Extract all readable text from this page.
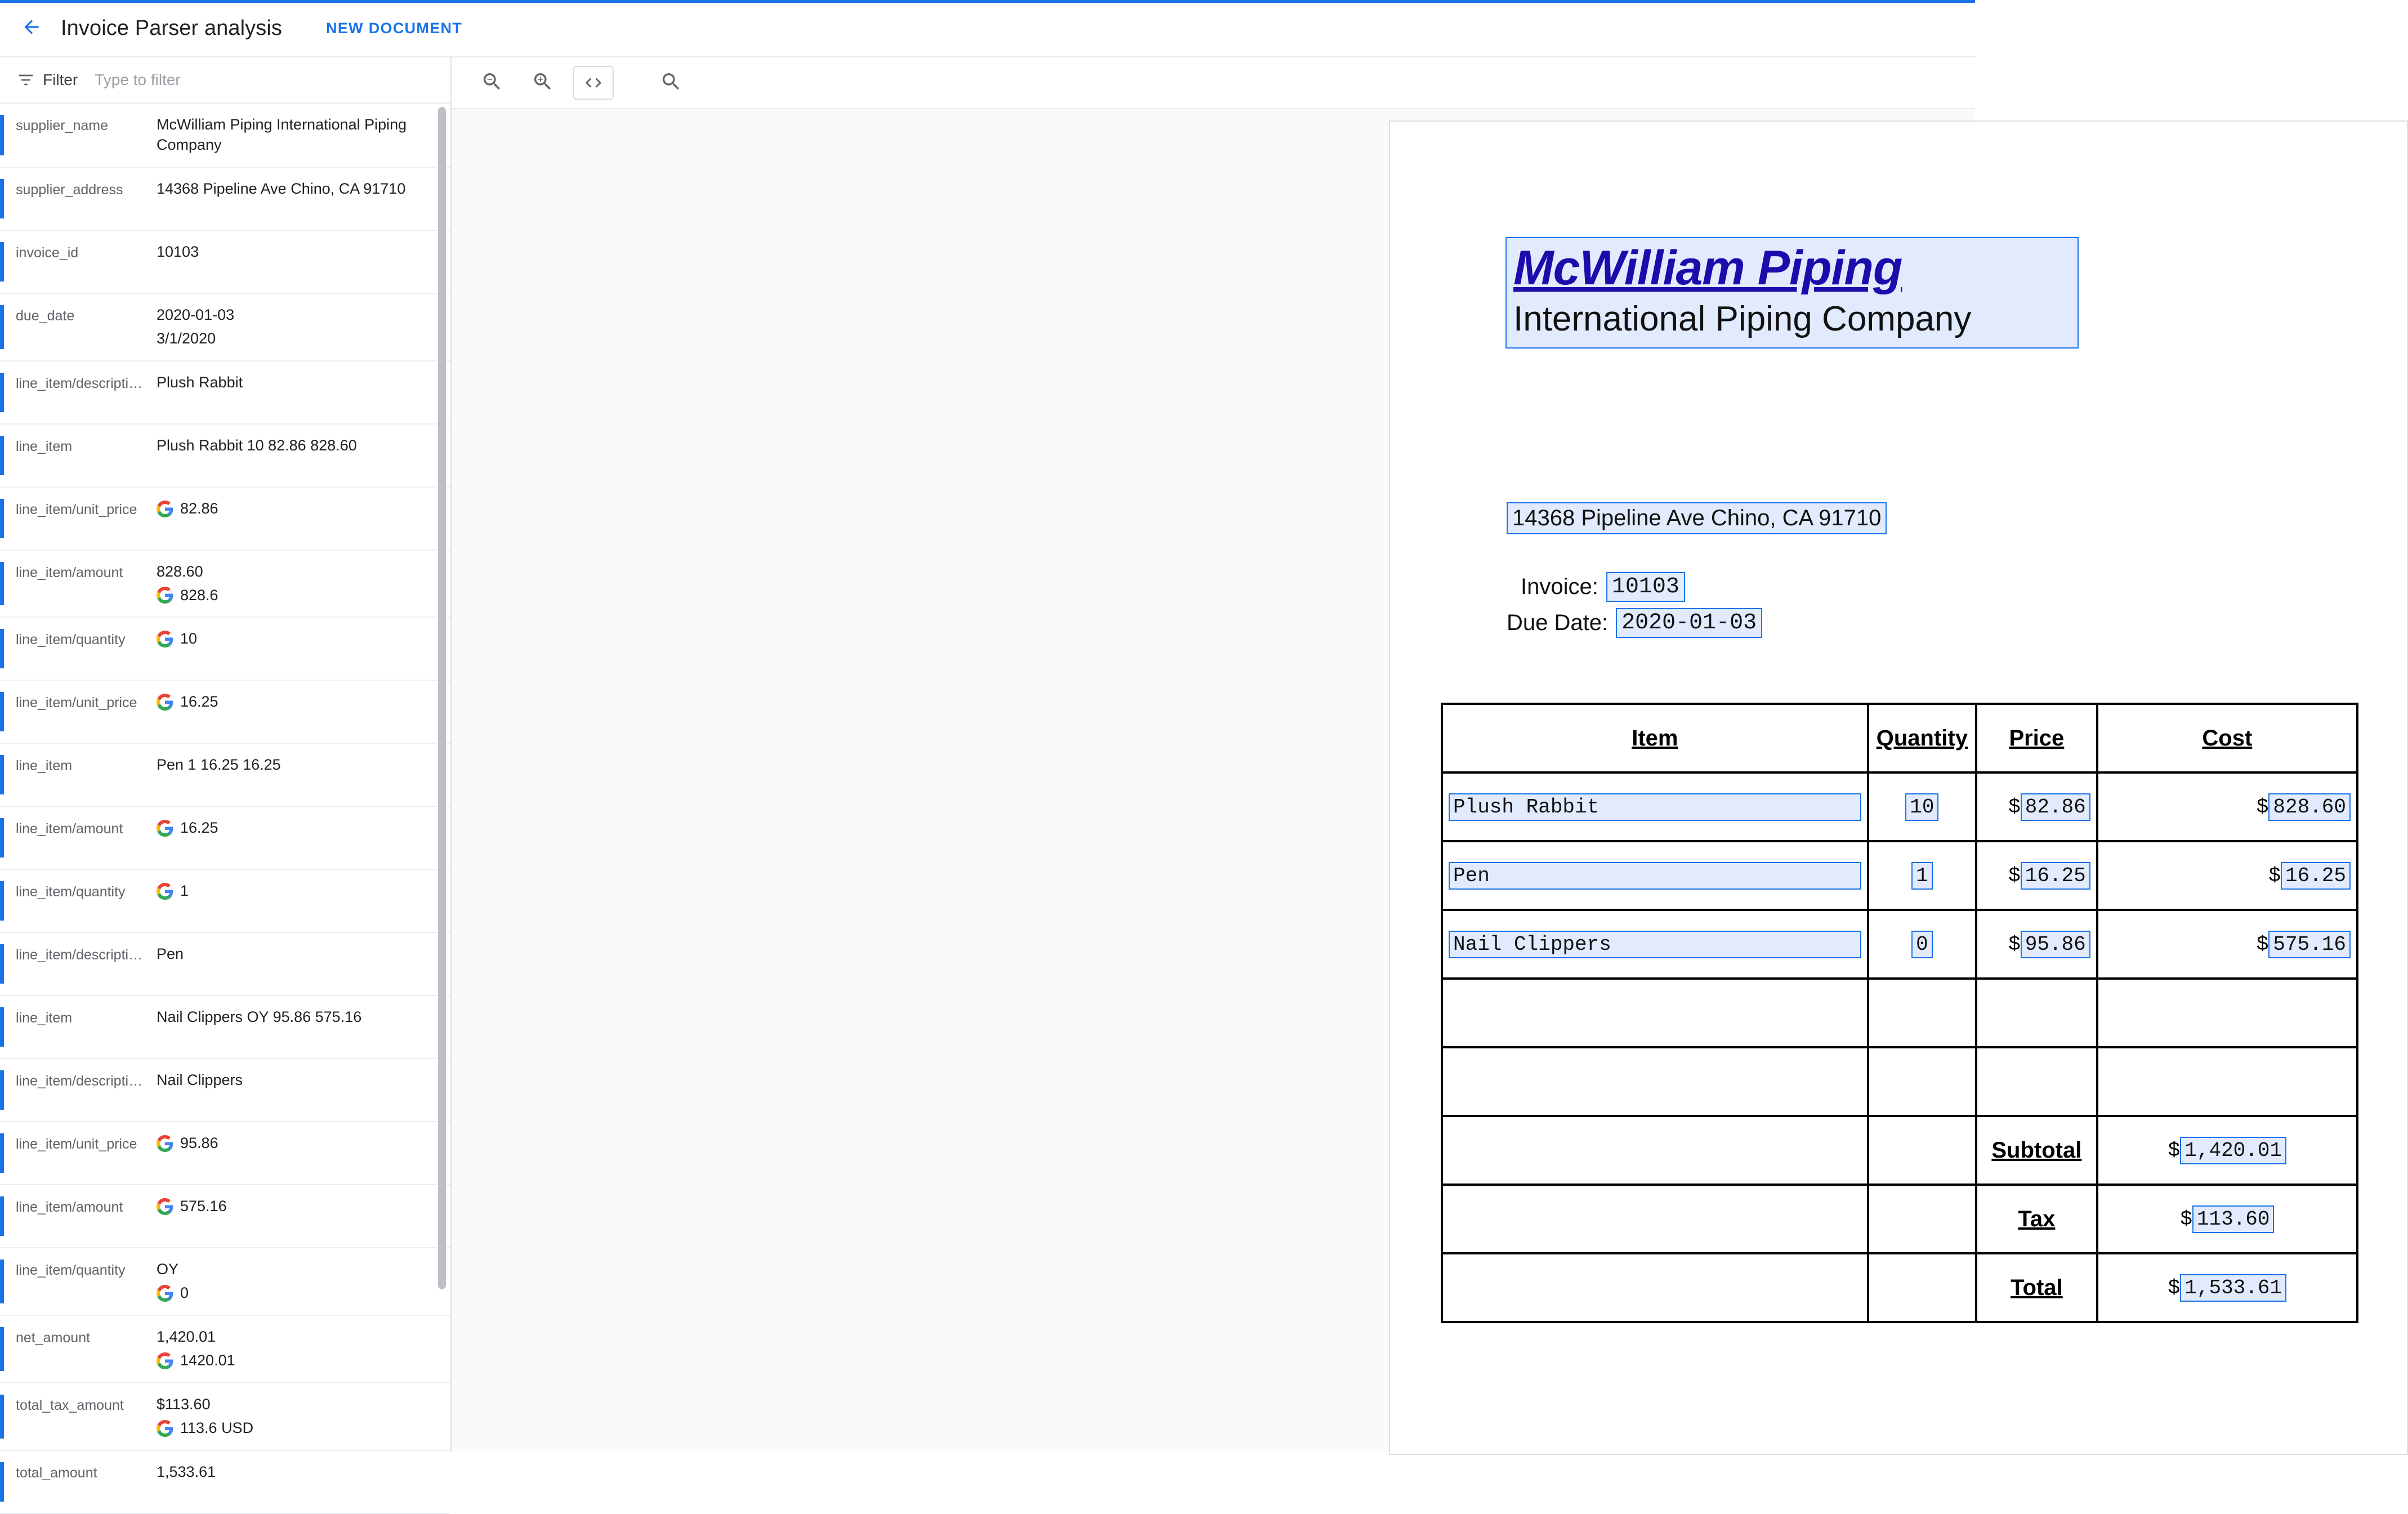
Invoice Parser analysis	NEW DOCUMENT
Filter
Type to filter
supplier_name	McWilliam Piping International Piping Company
supplier_address	14368 Pipeline Ave Chino, CA 91710
invoice_id	10103
due_date	2020-01-03
3/1/2020
line_item/descripti… Plush Rabbit
line_item	Plush Rabbit 10 82.86 828.60
line_item/unit_price	82.86
line_item/amount	828.60
828.6
line_item/quantity	10
line_item/unit_price	16.25
line_item	Pen 1 16.25 16.25
line_item/amount	16.25
line_item/quantity	1
line_item/descripti… Pen
line_item	Nail Clippers OY 95.86 575.16
line_item/descripti… Nail Clippers
line_item/unit_price	95.86
line_item/amount	575.16
line_item/quantity	OY
0
net_amount	1,420.01
1420.01
total_tax_amount	$113.60
113.6 USD
total_amount	1,533.61
McWilliam Piping
International Piping Company
14368 Pipeline Ave Chino, CA 91710
Invoice: 10103
Due Date: 2020-01-03
Item	Quantity	Price	Cost

Plush Rabbit	10	$ 82.86	$ 828.60

Pen	1	$ 16.25	$ 16.25

Nail Clippers	0	$ 95.86	$ 575.16

		Subtotal	$ 1,420.01
		Tax	$ 113.60
		Total	$ 1,533.61
